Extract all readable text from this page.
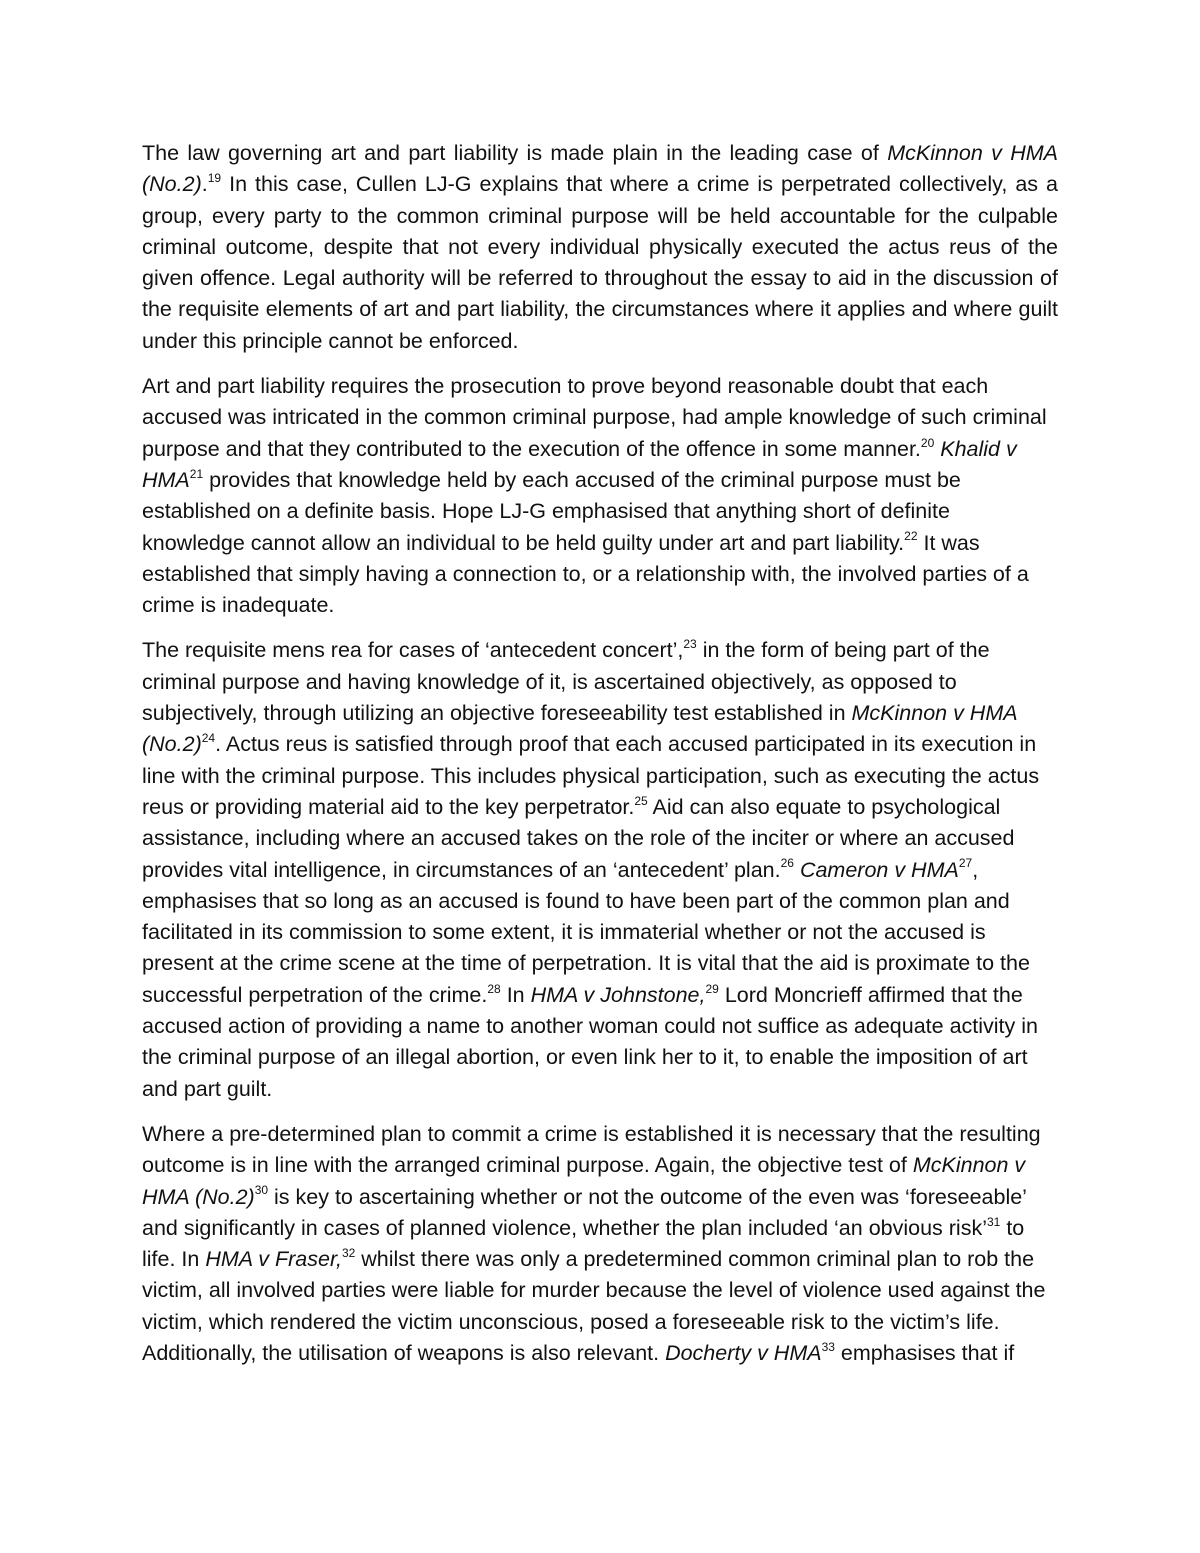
The law governing art and part liability is made plain in the leading case of McKinnon v HMA (No.2).$^{19}$ In this case, Cullen LJ-G explains that where a crime is perpetrated collectively, as a group, every party to the common criminal purpose will be held accountable for the culpable criminal outcome, despite that not every individual physically executed the actus reus of the given offence. Legal authority will be referred to throughout the essay to aid in the discussion of the requisite elements of art and part liability, the circumstances where it applies and where guilt under this principle cannot be enforced.

Art and part liability requires the prosecution to prove beyond reasonable doubt that each accused was intricated in the common criminal purpose, had ample knowledge of such criminal purpose and that they contributed to the execution of the offence in some manner.$^{20}$ Khalid v HMA$^{21}$ provides that knowledge held by each accused of the criminal purpose must be established on a definite basis. Hope LJ-G emphasised that anything short of definite knowledge cannot allow an individual to be held guilty under art and part liability.$^{22}$ It was established that simply having a connection to, or a relationship with, the involved parties of a crime is inadequate.

The requisite mens rea for cases of ‘antecedent concert’,$^{23}$ in the form of being part of the criminal purpose and having knowledge of it, is ascertained objectively, as opposed to subjectively, through utilizing an objective foreseeability test established in McKinnon v HMA (No.2)$^{24}$. Actus reus is satisfied through proof that each accused participated in its execution in line with the criminal purpose. This includes physical participation, such as executing the actus reus or providing material aid to the key perpetrator.$^{25}$ Aid can also equate to psychological assistance, including where an accused takes on the role of the inciter or where an accused provides vital intelligence, in circumstances of an ‘antecedent’ plan.$^{26}$ Cameron v HMA$^{27}$, emphasises that so long as an accused is found to have been part of the common plan and facilitated in its commission to some extent, it is immaterial whether or not the accused is present at the crime scene at the time of perpetration. It is vital that the aid is proximate to the successful perpetration of the crime.$^{28}$ In HMA v Johnstone,$^{29}$ Lord Moncrieff affirmed that the accused action of providing a name to another woman could not suffice as adequate activity in the criminal purpose of an illegal abortion, or even link her to it, to enable the imposition of art and part guilt.

Where a pre-determined plan to commit a crime is established it is necessary that the resulting outcome is in line with the arranged criminal purpose. Again, the objective test of McKinnon v HMA (No.2)$^{30}$ is key to ascertaining whether or not the outcome of the even was ‘foreseeable’ and significantly in cases of planned violence, whether the plan included ‘an obvious risk’$^{31}$ to life. In HMA v Fraser,$^{32}$ whilst there was only a predetermined common criminal plan to rob the victim, all involved parties were liable for murder because the level of violence used against the victim, which rendered the victim unconscious, posed a foreseeable risk to the victim’s life. Additionally, the utilisation of weapons is also relevant. Docherty v HMA$^{33}$ emphasises that if
